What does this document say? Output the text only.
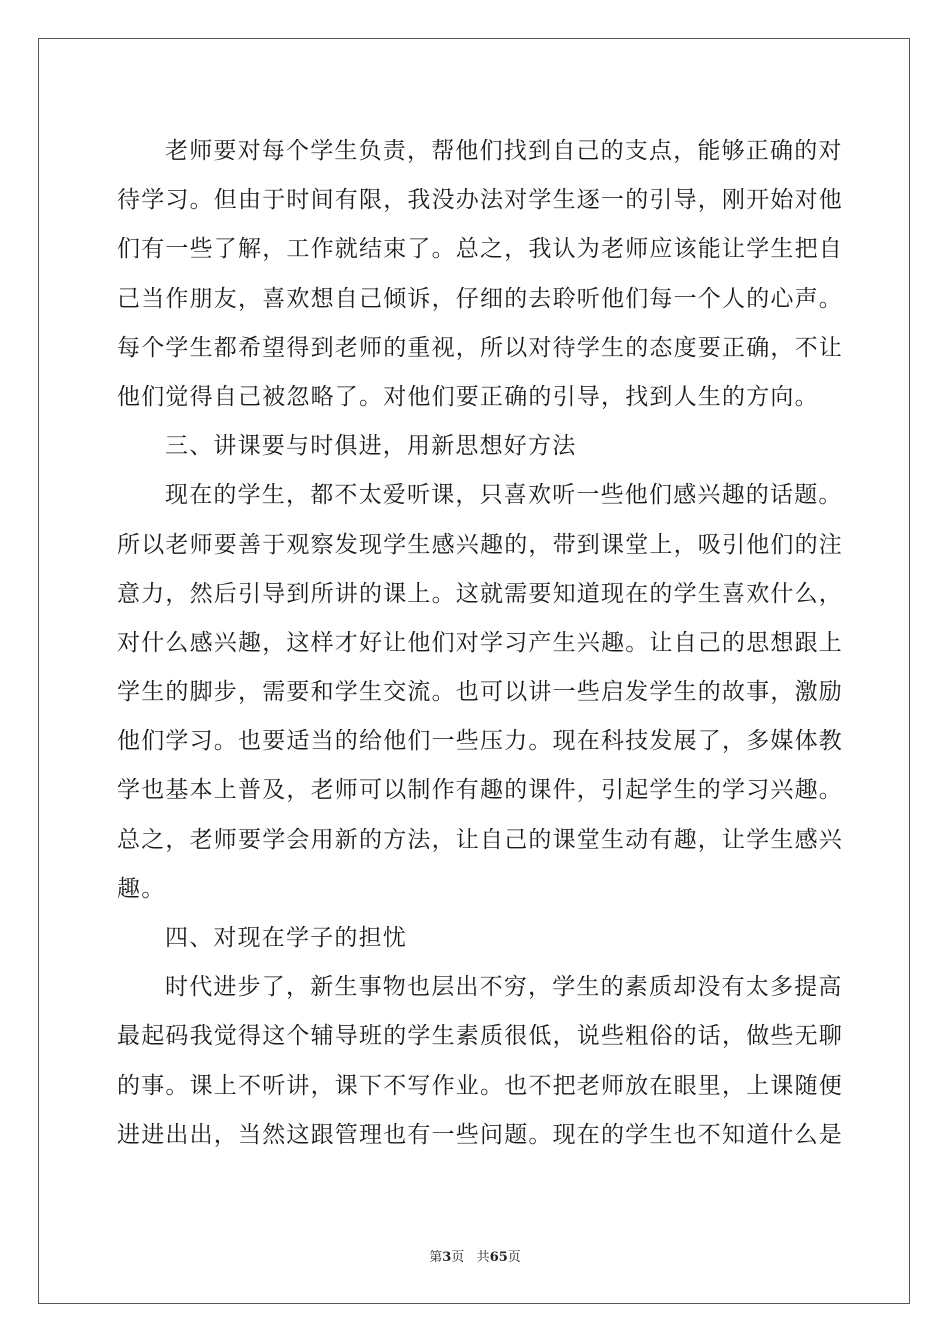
老师要对每个学生负责，帮他们找到自己的支点，能够正确的对
待学习。但由于时间有限，我没办法对学生逐一的引导，刚开始对他
们有一些了解，工作就结束了。总之，我认为老师应该能让学生把自
己当作朋友，喜欢想自己倾诉，仔细的去聆听他们每一个人的心声。
每个学生都希望得到老师的重视，所以对待学生的态度要正确，不让
他们觉得自己被忽略了。对他们要正确的引导，找到人生的方向。
三、讲课要与时俱进，用新思想好方法
现在的学生，都不太爱听课，只喜欢听一些他们感兴趣的话题。
所以老师要善于观察发现学生感兴趣的，带到课堂上，吸引他们的注
意力，然后引导到所讲的课上。这就需要知道现在的学生喜欢什么，
对什么感兴趣，这样才好让他们对学习产生兴趣。让自己的思想跟上
学生的脚步，需要和学生交流。也可以讲一些启发学生的故事，激励
他们学习。也要适当的给他们一些压力。现在科技发展了，多媒体教
学也基本上普及，老师可以制作有趣的课件，引起学生的学习兴趣。
总之，老师要学会用新的方法，让自己的课堂生动有趣，让学生感兴
趣。
四、对现在学子的担忧
时代进步了，新生事物也层出不穷，学生的素质却没有太多提高
最起码我觉得这个辅导班的学生素质很低，说些粗俗的话，做些无聊
的事。课上不听讲，课下不写作业。也不把老师放在眼里，上课随便
进进出出，当然这跟管理也有一些问题。现在的学生也不知道什么是
第3页 共65页
